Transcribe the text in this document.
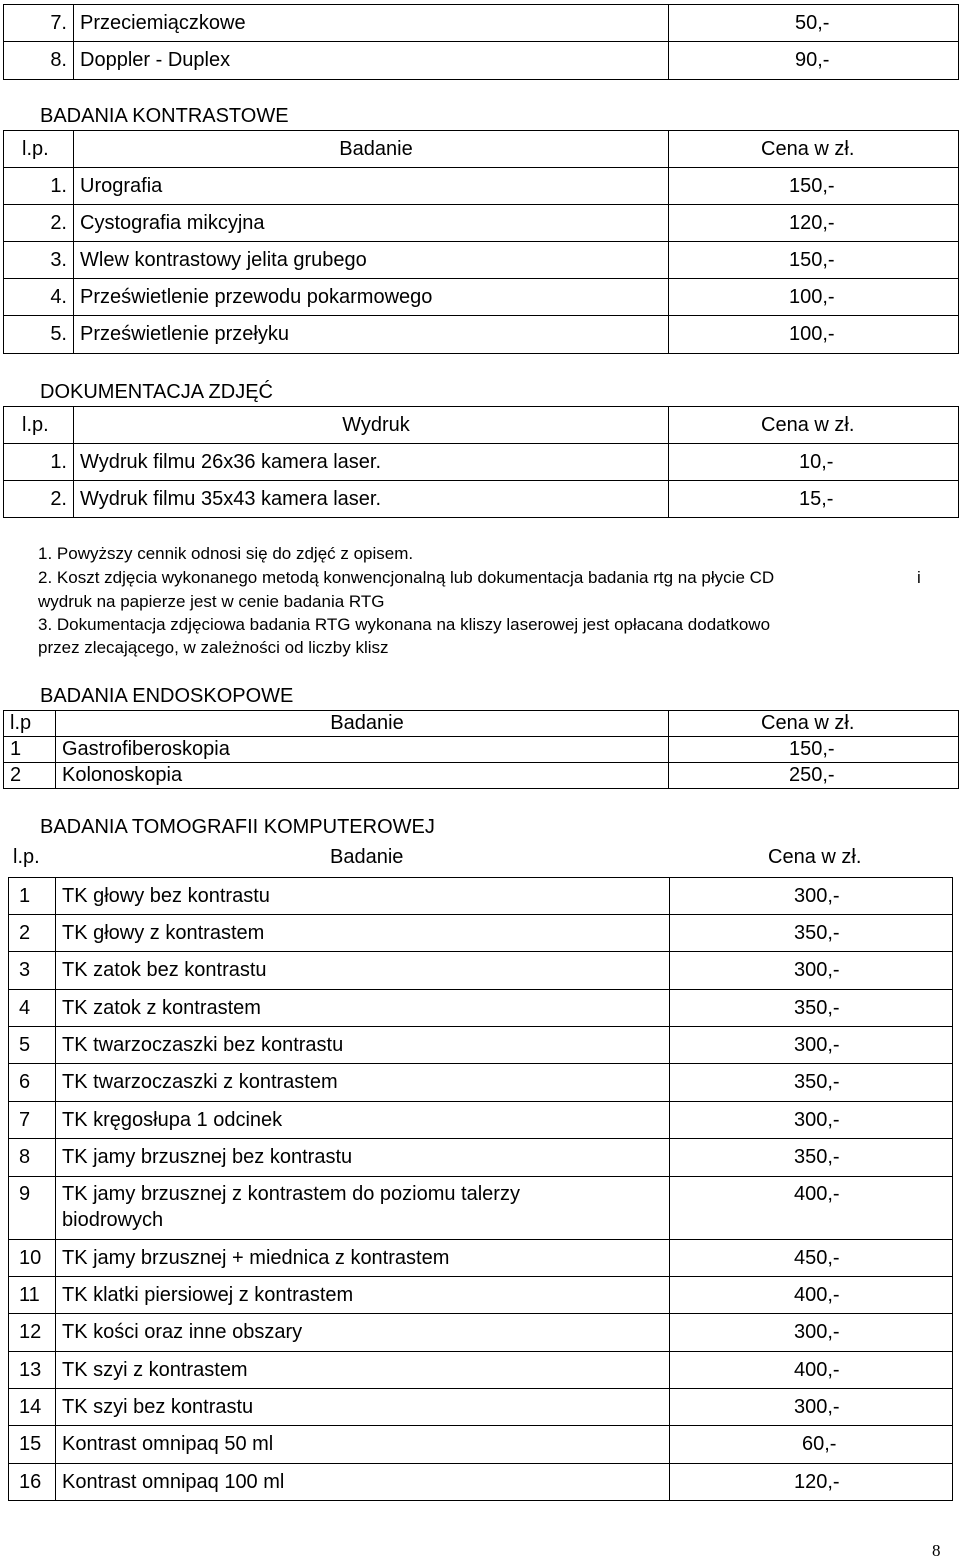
7.	Przeciemiączkowe	50,-
8.	Doppler - Duplex	90,-
BADANIA KONTRASTOWE
l.p.	Badanie	Cena w zł.
1.	Urografia	150,-
2.	Cystografia mikcyjna	120,-
3.	Wlew kontrastowy jelita grubego	150,-
4.	Prześwietlenie przewodu pokarmowego	100,-
5.	Prześwietlenie przełyku	100,-
DOKUMENTACJA ZDJĘĆ
l.p.	Wydruk	Cena w zł.
1.	Wydruk filmu 26x36 kamera laser.	10,-
2.	Wydruk filmu 35x43 kamera laser.	15,-
1. Powyższy cennik odnosi się do zdjęć z opisem.
2. Koszt zdjęcia wykonanego metodą konwencjonalną lub dokumentacja badania rtg na płycie CD	i
wydruk na papierze jest w cenie badania RTG
3. Dokumentacja zdjęciowa badania RTG wykonana na kliszy laserowej jest opłacana dodatkowo
przez zlecającego, w zależności od liczby klisz
BADANIA ENDOSKOPOWE
l.p	Badanie	Cena w zł.
1	Gastrofiberoskopia	150,-
2	Kolonoskopia	250,-
BADANIA TOMOGRAFII KOMPUTEROWEJ
l.p.	Badanie	Cena w zł.
1	TK głowy bez kontrastu	300,-
2	TK głowy z kontrastem	350,-
3	TK zatok bez kontrastu	300,-
4	TK zatok z kontrastem	350,-
5	TK twarzoczaszki bez kontrastu	300,-
6	TK twarzoczaszki z kontrastem	350,-
7	TK kręgosłupa 1 odcinek	300,-
8	TK jamy brzusznej bez kontrastu	350,-
9	TK jamy brzusznej z kontrastem do poziomu talerzy biodrowych	400,-
10	TK jamy brzusznej + miednica z kontrastem	450,-
11	TK klatki piersiowej z kontrastem	400,-
12	TK kości oraz inne obszary	300,-
13	TK szyi z kontrastem	400,-
14	TK szyi bez kontrastu	300,-
15	Kontrast omnipaq 50 ml	60,-
16	Kontrast omnipaq 100 ml	120,-
8
